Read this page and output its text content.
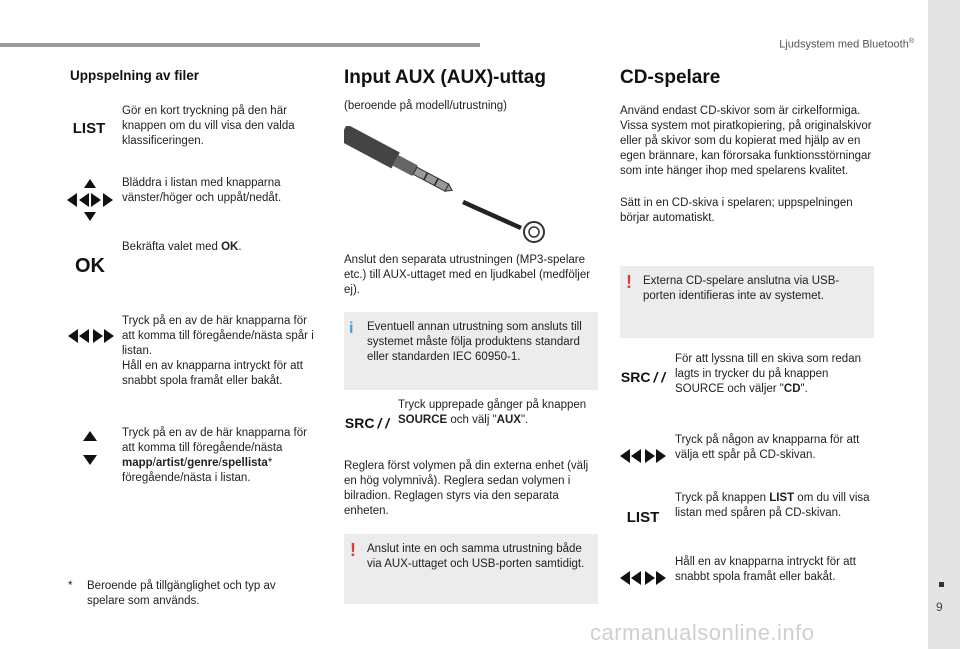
Ljudsystem med Bluetooth®
9
carmanualsonline.info
Uppspelning av filer
LIST
Gör en kort tryckning på den här knappen om du vill visa den valda klassificeringen.
Bläddra i listan med knapparna vänster/höger och uppåt/nedåt.
OK
Bekräfta valet med OK.
Tryck på en av de här knapparna för att komma till föregående/nästa spår i listan.
Håll en av knapparna intryckt för att snabbt spola framåt eller bakåt.
Tryck på en av de här knapparna för att komma till föregående/nästa mapp/artist/genre/spellista* föregående/nästa i listan.
*	Beroende på tillgänglighet och typ av spelare som används.
Input AUX (AUX)-uttag
(beroende på modell/utrustning)
Anslut den separata utrustningen (MP3-spelare etc.) till AUX-uttaget med en ljudkabel (medföljer ej).
i Eventuell annan utrustning som ansluts till systemet måste följa produktens standard eller standarden IEC 60950-1.
SRC / /
Tryck upprepade gånger på knappen SOURCE och välj "AUX".
Reglera först volymen på din externa enhet (välj en hög volymnivå). Reglera sedan volymen i bilradion. Reglagen styrs via den separata enheten.
! Anslut inte en och samma utrustning både via AUX-uttaget och USB-porten samtidigt.
CD-spelare
Använd endast CD-skivor som är cirkelformiga. Vissa system mot piratkopiering, på originalskivor eller på skivor som du kopierat med hjälp av en egen brännare, kan förorsaka funktionsstörningar som inte hänger ihop med spelarens kvalitet.
Sätt in en CD-skiva i spelaren; uppspelningen börjar automatiskt.
! Externa CD-spelare anslutna via USB-porten identifieras inte av systemet.
SRC / /
För att lyssna till en skiva som redan lagts in trycker du på knappen SOURCE och väljer "CD".
Tryck på någon av knapparna för att välja ett spår på CD-skivan.
LIST
Tryck på knappen LIST om du vill visa listan med spåren på CD-skivan.
Håll en av knapparna intryckt för att snabbt spola framåt eller bakåt.
